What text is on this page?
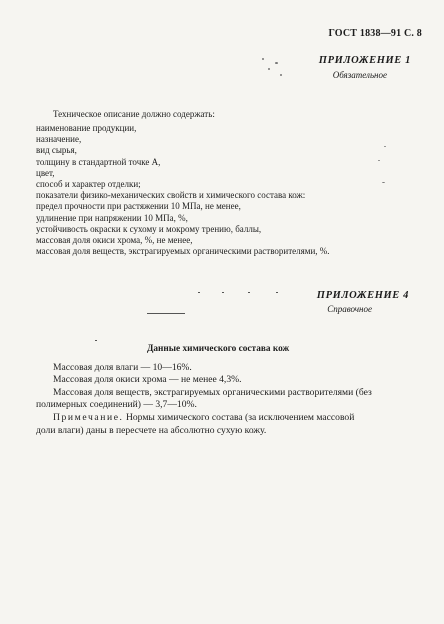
ГОСТ 1838—91 С. 8
ПРИЛОЖЕНИЕ 1
Обязательное
Техническое описание должно содержать:
наименование продукции,
назначение,
вид сырья,
толщину в стандартной точке А,
цвет,
способ и характер отделки;
показатели физико-механических свойств и химического состава кож:
предел прочности при растяжении 10 МПа, не менее,
удлинение при напряжении 10 МПа, %,
устойчивость окраски к сухому и мокрому трению, баллы,
массовая доля окиси хрома, %, не менее,
массовая доля веществ, экстрагируемых органическими растворителями, %.
ПРИЛОЖЕНИЕ 4
Справочное
Данные химического состава кож
Массовая доля влаги — 10—16%.
Массовая доля окиси хрома — не менее 4,3%.
Массовая доля веществ, экстрагируемых органическими растворителями (без
полимерных соединений) — 3,7—10%.
Примечание. Нормы химического состава (за исключением массовой
доли влаги) даны в пересчете на абсолютно сухую кожу.
